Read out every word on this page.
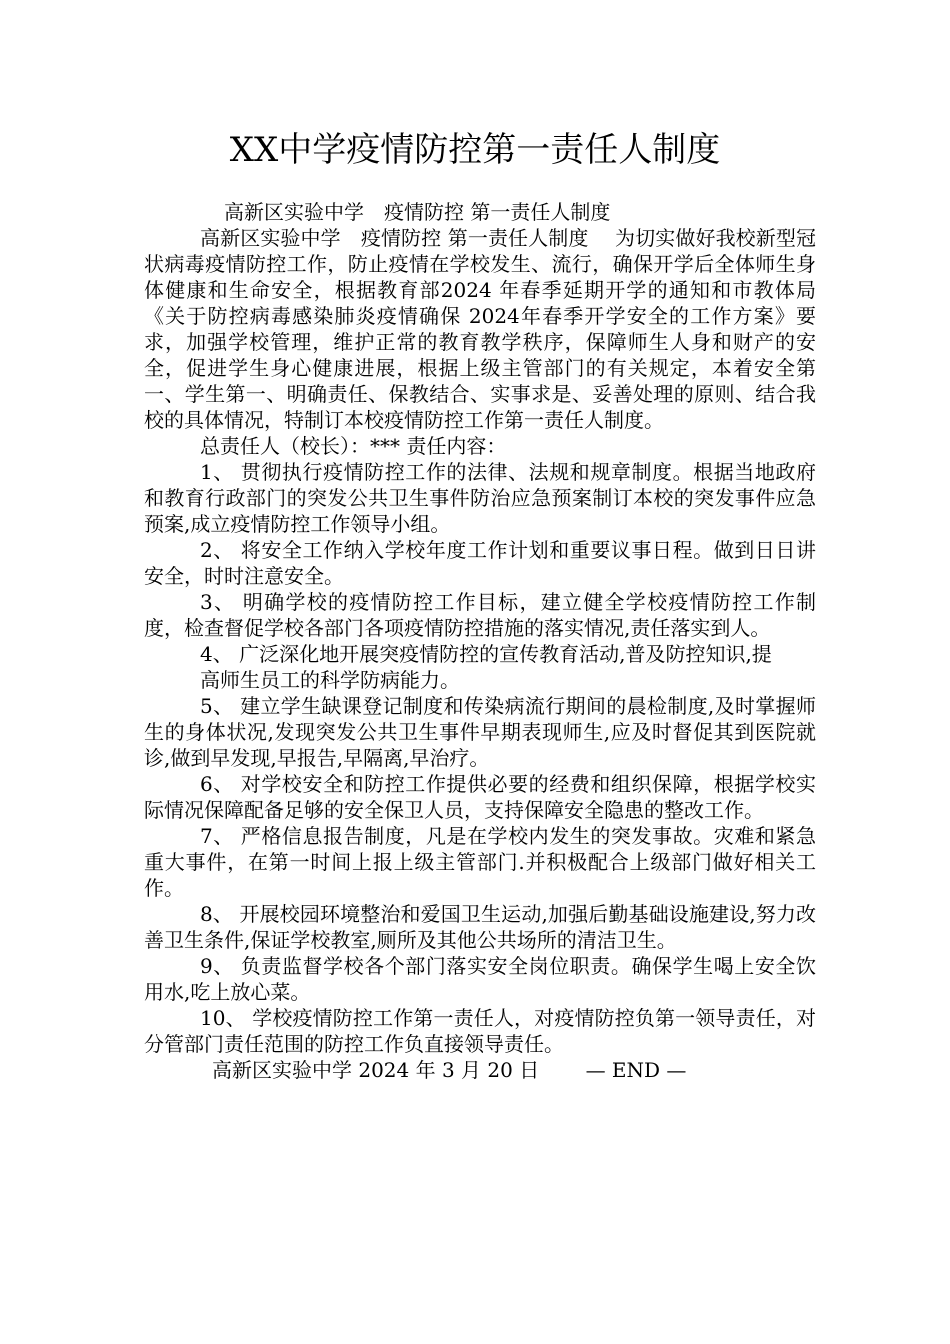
XX中学疫情防控第一责任人制度

高新区实验中学　疫情防控 第一责任人制度

高新区实验中学　疫情防控 第一责任人制度　 为切实做好我校新型冠状病毒疫情防控工作，防止疫情在学校发生、流行，确保开学后全体师生身体健康和生命安全，根据教育部2024 年春季延期开学的通知和市教体局《关于防控病毒感染肺炎疫情确保 2024年春季开学安全的工作方案》要求，加强学校管理，维护正常的教育教学秩序，保障师生人身和财产的安全，促进学生身心健康进展，根据上级主管部门的有关规定，本着安全第一、学生第一、明确责任、保教结合、实事求是、妥善处理的原则、结合我校的具体情况，特制订本校疫情防控工作第一责任人制度。

总责任人（校长）：*** 责任内容：

1、 贯彻执行疫情防控工作的法律、法规和规章制度。根据当地政府和教育行政部门的突发公共卫生事件防治应急预案制订本校的突发事件应急预案,成立疫情防控工作领导小组。

2、 将安全工作纳入学校年度工作计划和重要议事日程。做到日日讲安全，时时注意安全。

3、 明确学校的疫情防控工作目标，建立健全学校疫情防控工作制度，检查督促学校各部门各项疫情防控措施的落实情况,责任落实到人。

4、 广泛深化地开展突疫情防控的宣传教育活动,普及防控知识,提

高师生员工的科学防病能力。

5、 建立学生缺课登记制度和传染病流行期间的晨检制度,及时掌握师生的身体状况,发现突发公共卫生事件早期表现师生,应及时督促其到医院就诊,做到早发现,早报告,早隔离,早治疗。

6、 对学校安全和防控工作提供必要的经费和组织保障，根据学校实际情况保障配备足够的安全保卫人员，支持保障安全隐患的整改工作。

7、 严格信息报告制度，凡是在学校内发生的突发事故。灾难和紧急重大事件，在第一时间上报上级主管部门.并积极配合上级部门做好相关工作。

8、 开展校园环境整治和爱国卫生运动,加强后勤基础设施建设,努力改善卫生条件,保证学校教室,厕所及其他公共场所的清洁卫生。

9、 负责监督学校各个部门落实安全岗位职责。确保学生喝上安全饮用水,吃上放心菜。

10、 学校疫情防控工作第一责任人，对疫情防控负第一领导责任，对分管部门责任范围的防控工作负直接领导责任。

高新区实验中学 2024 年 3 月 20 日　　 — END —
